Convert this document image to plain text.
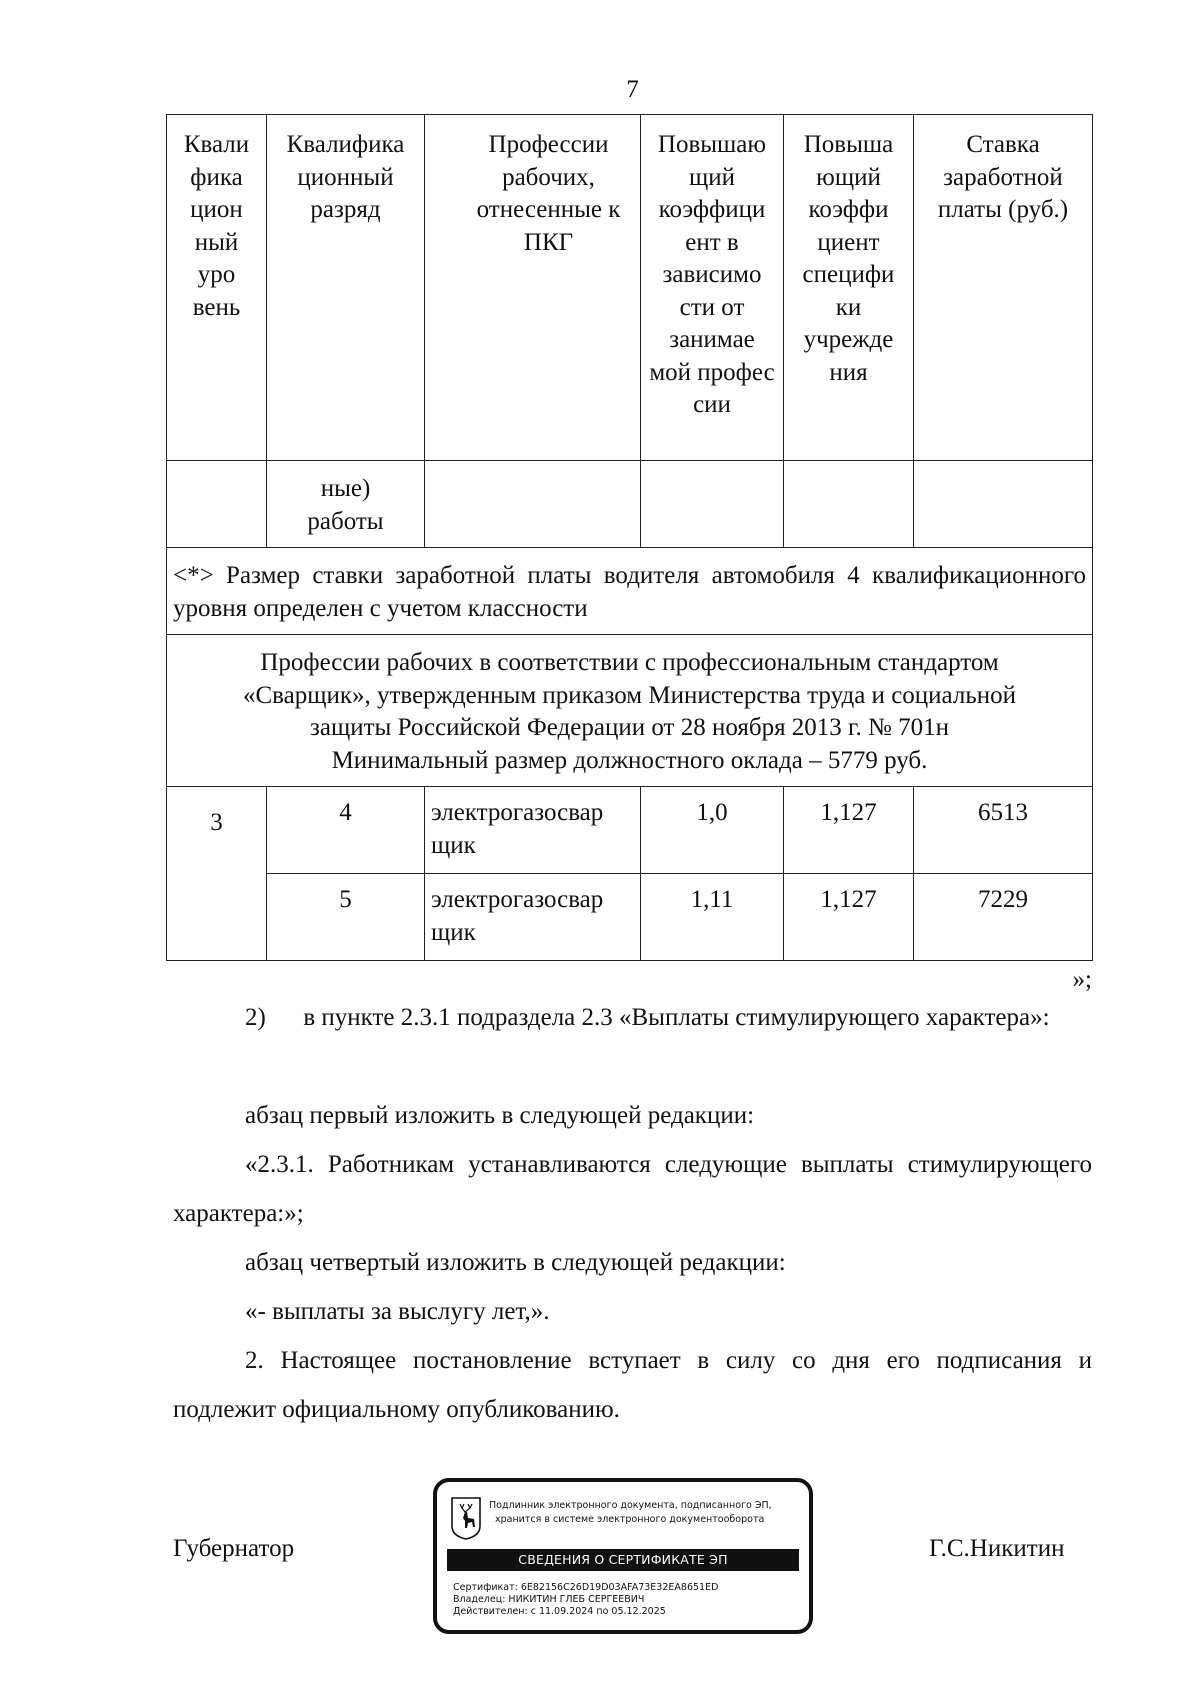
7
Квали фика цион ный уро вень	Квалифика ционный разряд	Профессии рабочих, отнесенные к ПКГ	Повышаю щий коэффици ент в зависимо сти от занимае мой профес сии	Повыша ющий коэффи циент специфи ки учрежде ния	Ставка заработной платы (руб.)
	ные) работы				
<*> Размер ставки заработной платы водителя автомобиля 4 квалификационного уровня определен с учетом классности					

Профессии рабочих в соответствии с профессиональным стандартом
«Сварщик», утвержденным приказом Министерства труда и социальной
защиты Российской Федерации от 28 ноября 2013 г. № 701н
Минимальный размер должностного оклада – 5779 руб.					

3	4	электрогазосвар щик	1,0	1,127	6513
	5	электрогазосвар щик	1,11	1,127	7229
»;

2)      в пункте 2.3.1 подраздела 2.3 «Выплаты стимулирующего характера»:

абзац первый изложить в следующей редакции:

«2.3.1. Работникам устанавливаются следующие выплаты стимулирующего характера:»;

абзац четвертый изложить в следующей редакции:

«- выплаты за выслугу лет,».

2. Настоящее постановление вступает в силу со дня его подписания и подлежит официальному опубликованию.

Губернатор
Подлинник электронного документа, подписанного ЭП,
хранится в системе электронного документооборота
СВЕДЕНИЯ О СЕРТИФИКАТЕ ЭП
Сертификат: 6E82156C26D19D03AFA73E32EA8651ED
Владелец: НИКИТИН ГЛЕБ СЕРГЕЕВИЧ
Действителен: с 11.09.2024 по 05.12.2025
Г.С.Никитин
